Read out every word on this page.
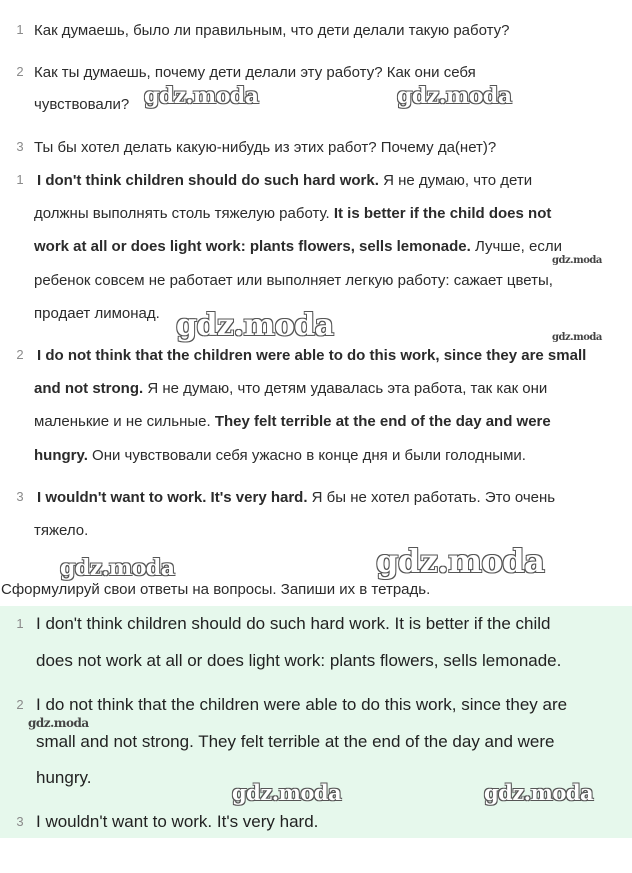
1 Как думаешь, было ли правильным, что дети делали такую работу?
2 Как ты думаешь, почему дети делали эту работу? Как они себя
чувствовали?
3 Ты бы хотел делать какую-нибудь из этих работ? Почему да(нет)?
1 I don't think children should do such hard work. Я не думаю, что дети
должны выполнять столь тяжелую работу. It is better if the child does not
work at all or does light work: plants flowers, sells lemonade. Лучше, если
ребенок совсем не работает или выполняет легкую работу: сажает цветы,
продает лимонад.
2 I do not think that the children were able to do this work, since they are small
and not strong. Я не думаю, что детям удавалась эта работа, так как они
маленькие и не сильные. They felt terrible at the end of the day and were
hungry. Они чувствовали себя ужасно в конце дня и были голодными.
3 I wouldn't want to work. It's very hard. Я бы не хотел работать. Это очень
тяжело.
Сформулируй свои ответы на вопросы. Запиши их в тетрадь.
1 I don't think children should do such hard work. It is better if the child
does not work at all or does light work: plants flowers, sells lemonade.
2 I do not think that the children were able to do this work, since they are
small and not strong. They felt terrible at the end of the day and were
hungry.
3 I wouldn't want to work. It's very hard.
gdz.moda	gdz.moda
gdz.moda
gdz.moda	gdz.moda
gdz.moda	gdz.moda
gdz.moda
gdz.moda	gdz.moda
